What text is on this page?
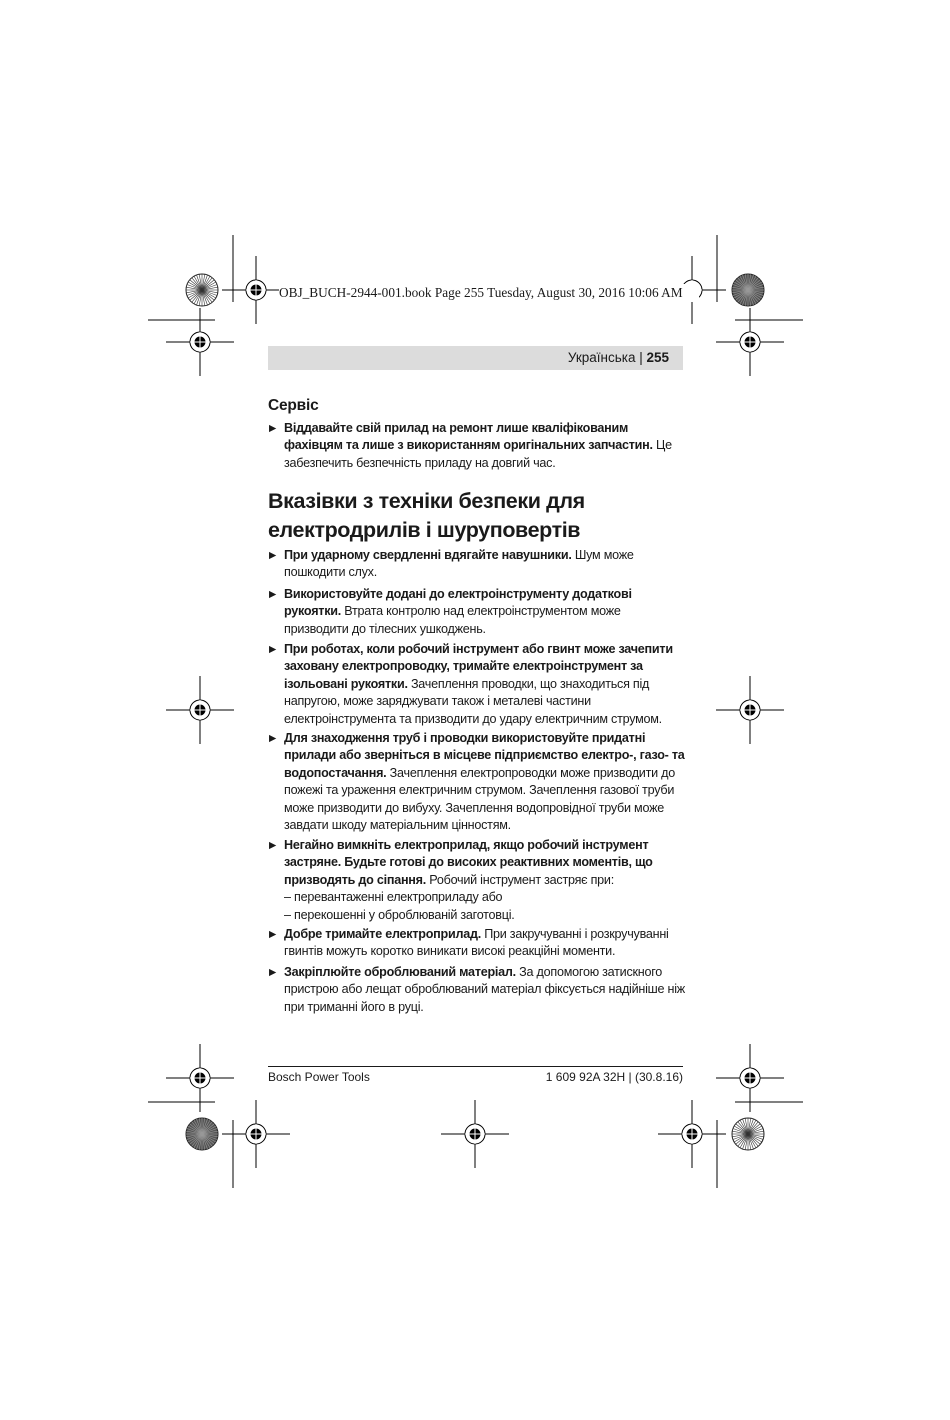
OBJ_BUCH-2944-001.book Page 255 Tuesday, August 30, 2016 10:06 AM
Українська | 255
Сервіс
▶ Віддавайте свій прилад на ремонт лише кваліфікованим фахівцям та лише з використанням оригінальних запчастин. Це забезпечить безпечність приладу на довгий час.
Вказівки з техніки безпеки для електродрилів і шуруповертів
▶ При ударному свердленні вдягайте навушники. Шум може пошкодити слух.
▶ Використовуйте додані до електроінструменту додаткові рукоятки. Втрата контролю над електроінструментом може призводити до тілесних ушкоджень.
▶ При роботах, коли робочий інструмент або гвинт може зачепити заховану електропроводку, тримайте електроінструмент за ізольовані рукоятки. Зачеплення проводки, що знаходиться під напругою, може заряджувати також і металеві частини електроінструмента та призводити до удару електричним струмом.
▶ Для знаходження труб і проводки використовуйте придатні прилади або зверніться в місцеве підприємство електро-, газо- та водопостачання. Зачеплення електропроводки може призводити до пожежі та ураження електричним струмом. Зачеплення газової труби може призводити до вибуху. Зачеплення водопровідної труби може завдати шкоду матеріальним цінностям.
▶ Негайно вимкніть електроприлад, якщо робочий інструмент застряне. Будьте готові до високих реактивних моментів, що призводять до сіпання. Робочий інструмент застряє при:
– перевантаженні електроприладу або
– перекошенні у оброблюваній заготовці.
▶ Добре тримайте електроприлад. При закручуванні і розкручуванні гвинтів можуть коротко виникати високі реакційні моменти.
▶ Закріплюйте оброблюваний матеріал. За допомогою затискного пристрою або лещат оброблюваний матеріал фіксується надійніше ніж при триманні його в руці.
Bosch Power Tools	1 609 92A 32H | (30.8.16)
